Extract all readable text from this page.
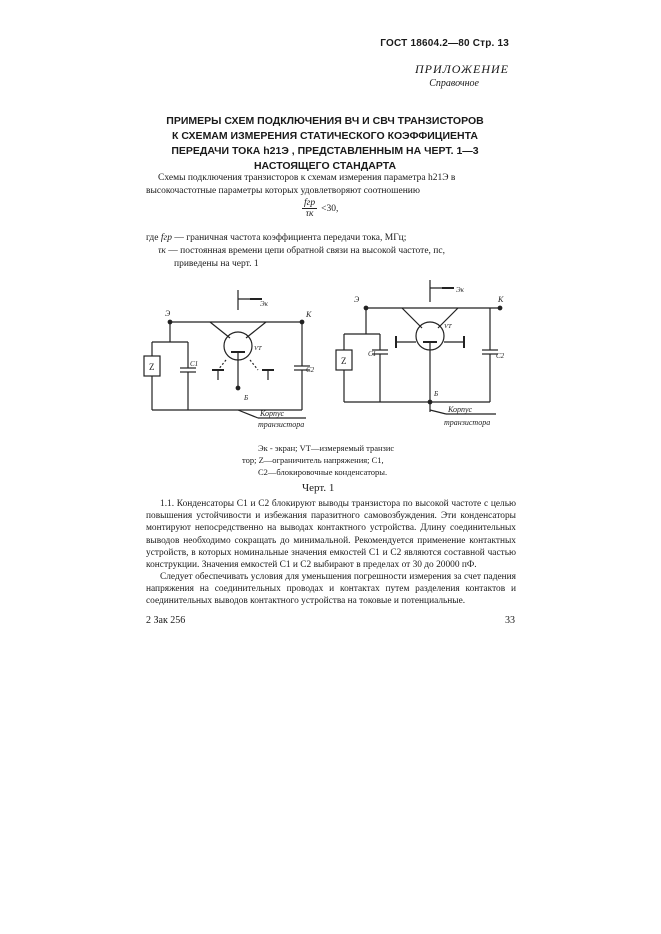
ГОСТ 18604.2—80 Стр. 13
ПРИЛОЖЕНИЕ
Справочное
ПРИМЕРЫ СХЕМ ПОДКЛЮЧЕНИЯ ВЧ И СВЧ ТРАНЗИСТОРОВ
К СХЕМАМ ИЗМЕРЕНИЯ СТАТИЧЕСКОГО КОЭФФИЦИЕНТА
ПЕРЕДАЧИ ТОКА h21Э , ПРЕДСТАВЛЕННЫМ НА ЧЕРТ. 1—3
НАСТОЯЩЕГО СТАНДАРТА
Схемы подключения транзисторов к схемам измерения параметра h21Э в
высокочастотные параметры которых удовлетворяют соотношению
$\frac{\text{fгр}}{\tau к} <30$,
где fгр — граничная частота коэффициента передачи тока, МГц;
τк — постоянная времени цепи обратной связи на высокой частоте, пс,
приведены на черт. 1
Эк
Э	К
Z	C1
C2
Б
VT
Корпус
транзистора
Эк
Э	К
Z
C1	C2
Б
VT
Корпус
транзистора
Эк - экран; VT—измеряемый транзис
тор; Z—ограничитель напряжения; C1,
C2—блокировочные конденсаторы.
Черт. 1
1.1. Конденсаторы C1 и C2 блокируют выводы транзистора по высокой частоте с целью повышения устойчивости и избежания паразитного самовозбуждения. Эти конденсаторы монтируют непосредственно на выводах контактного устройства. Длину соединительных выводов необходимо сокращать до минимальной. Рекомендуется применение контактных устройств, в которых номинальные значения емкостей C1 и C2 являются составной частью конструкции. Значения емкостей C1 и C2 выбирают в пределах от 30 до 20000 пФ.
Следует обеспечивать условия для уменьшения погрешности измерения за счет падения напряжения на соединительных проводах и контактах путем разделения контактов и соединительных выводов контактного устройства на токовые и потенциальные.
2 Зак 256	33
